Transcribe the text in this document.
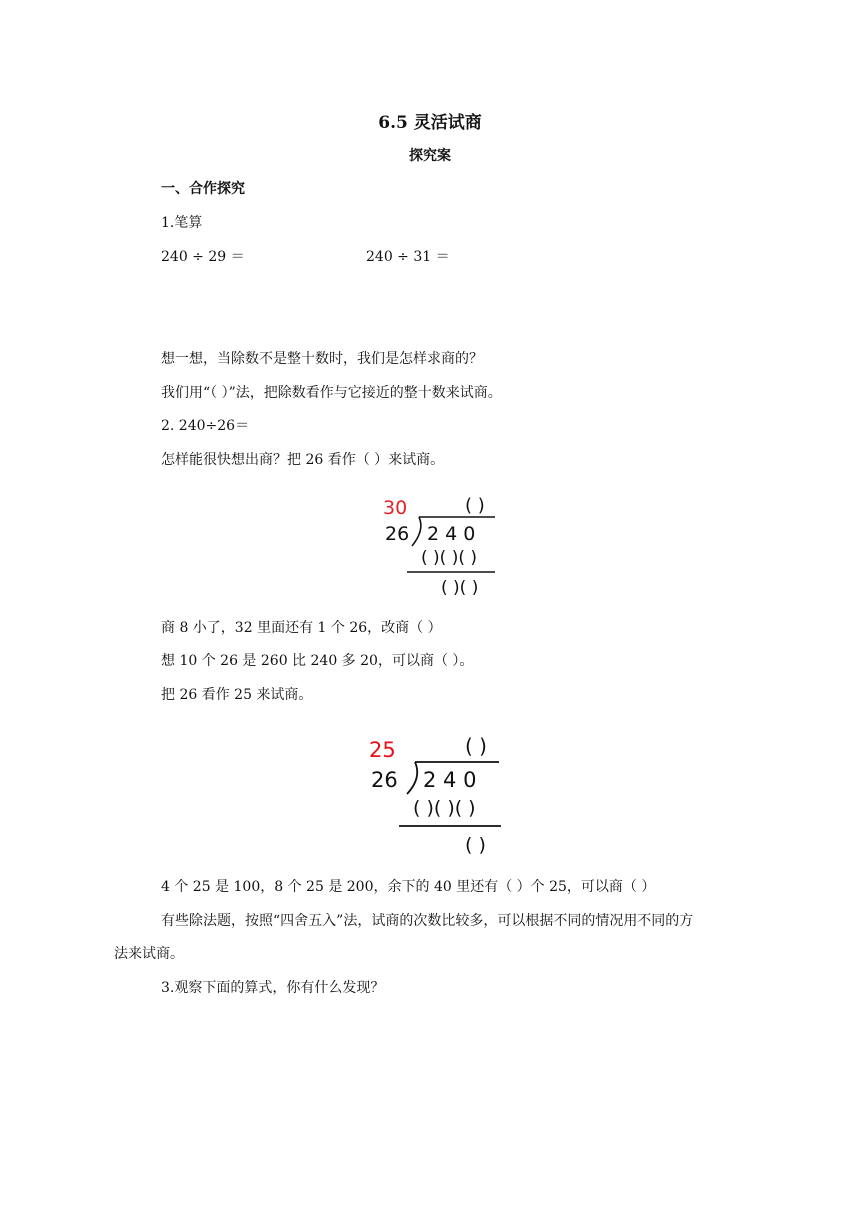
6.5 灵活试商
探究案
一、合作探究
1.笔算
240 ÷ 29 ＝	240 ÷ 31 ＝
想一想，当除数不是整十数时，我们是怎样求商的？
我们用“（ ）”法，把除数看作与它接近的整十数来试商。
2. 240÷26＝
怎样能很快想出商？把 26 看作（ ）来试商。
30	( )
26 2 4 0
( )( )( )
( )( )
商 8 小了，32 里面还有 1 个 26，改商（ ）
想 10 个 26 是 260 比 240 多 20，可以商（ ）。
把 26 看作 25 来试商。
25	( )
26 2 4 0
( )( )( )
( )
4 个 25 是 100，8 个 25 是 200，余下的 40 里还有（ ）个 25，可以商（ ）
有些除法题，按照“四舍五入”法，试商的次数比较多，可以根据不同的情况用不同的方
法来试商。
3.观察下面的算式，你有什么发现？
